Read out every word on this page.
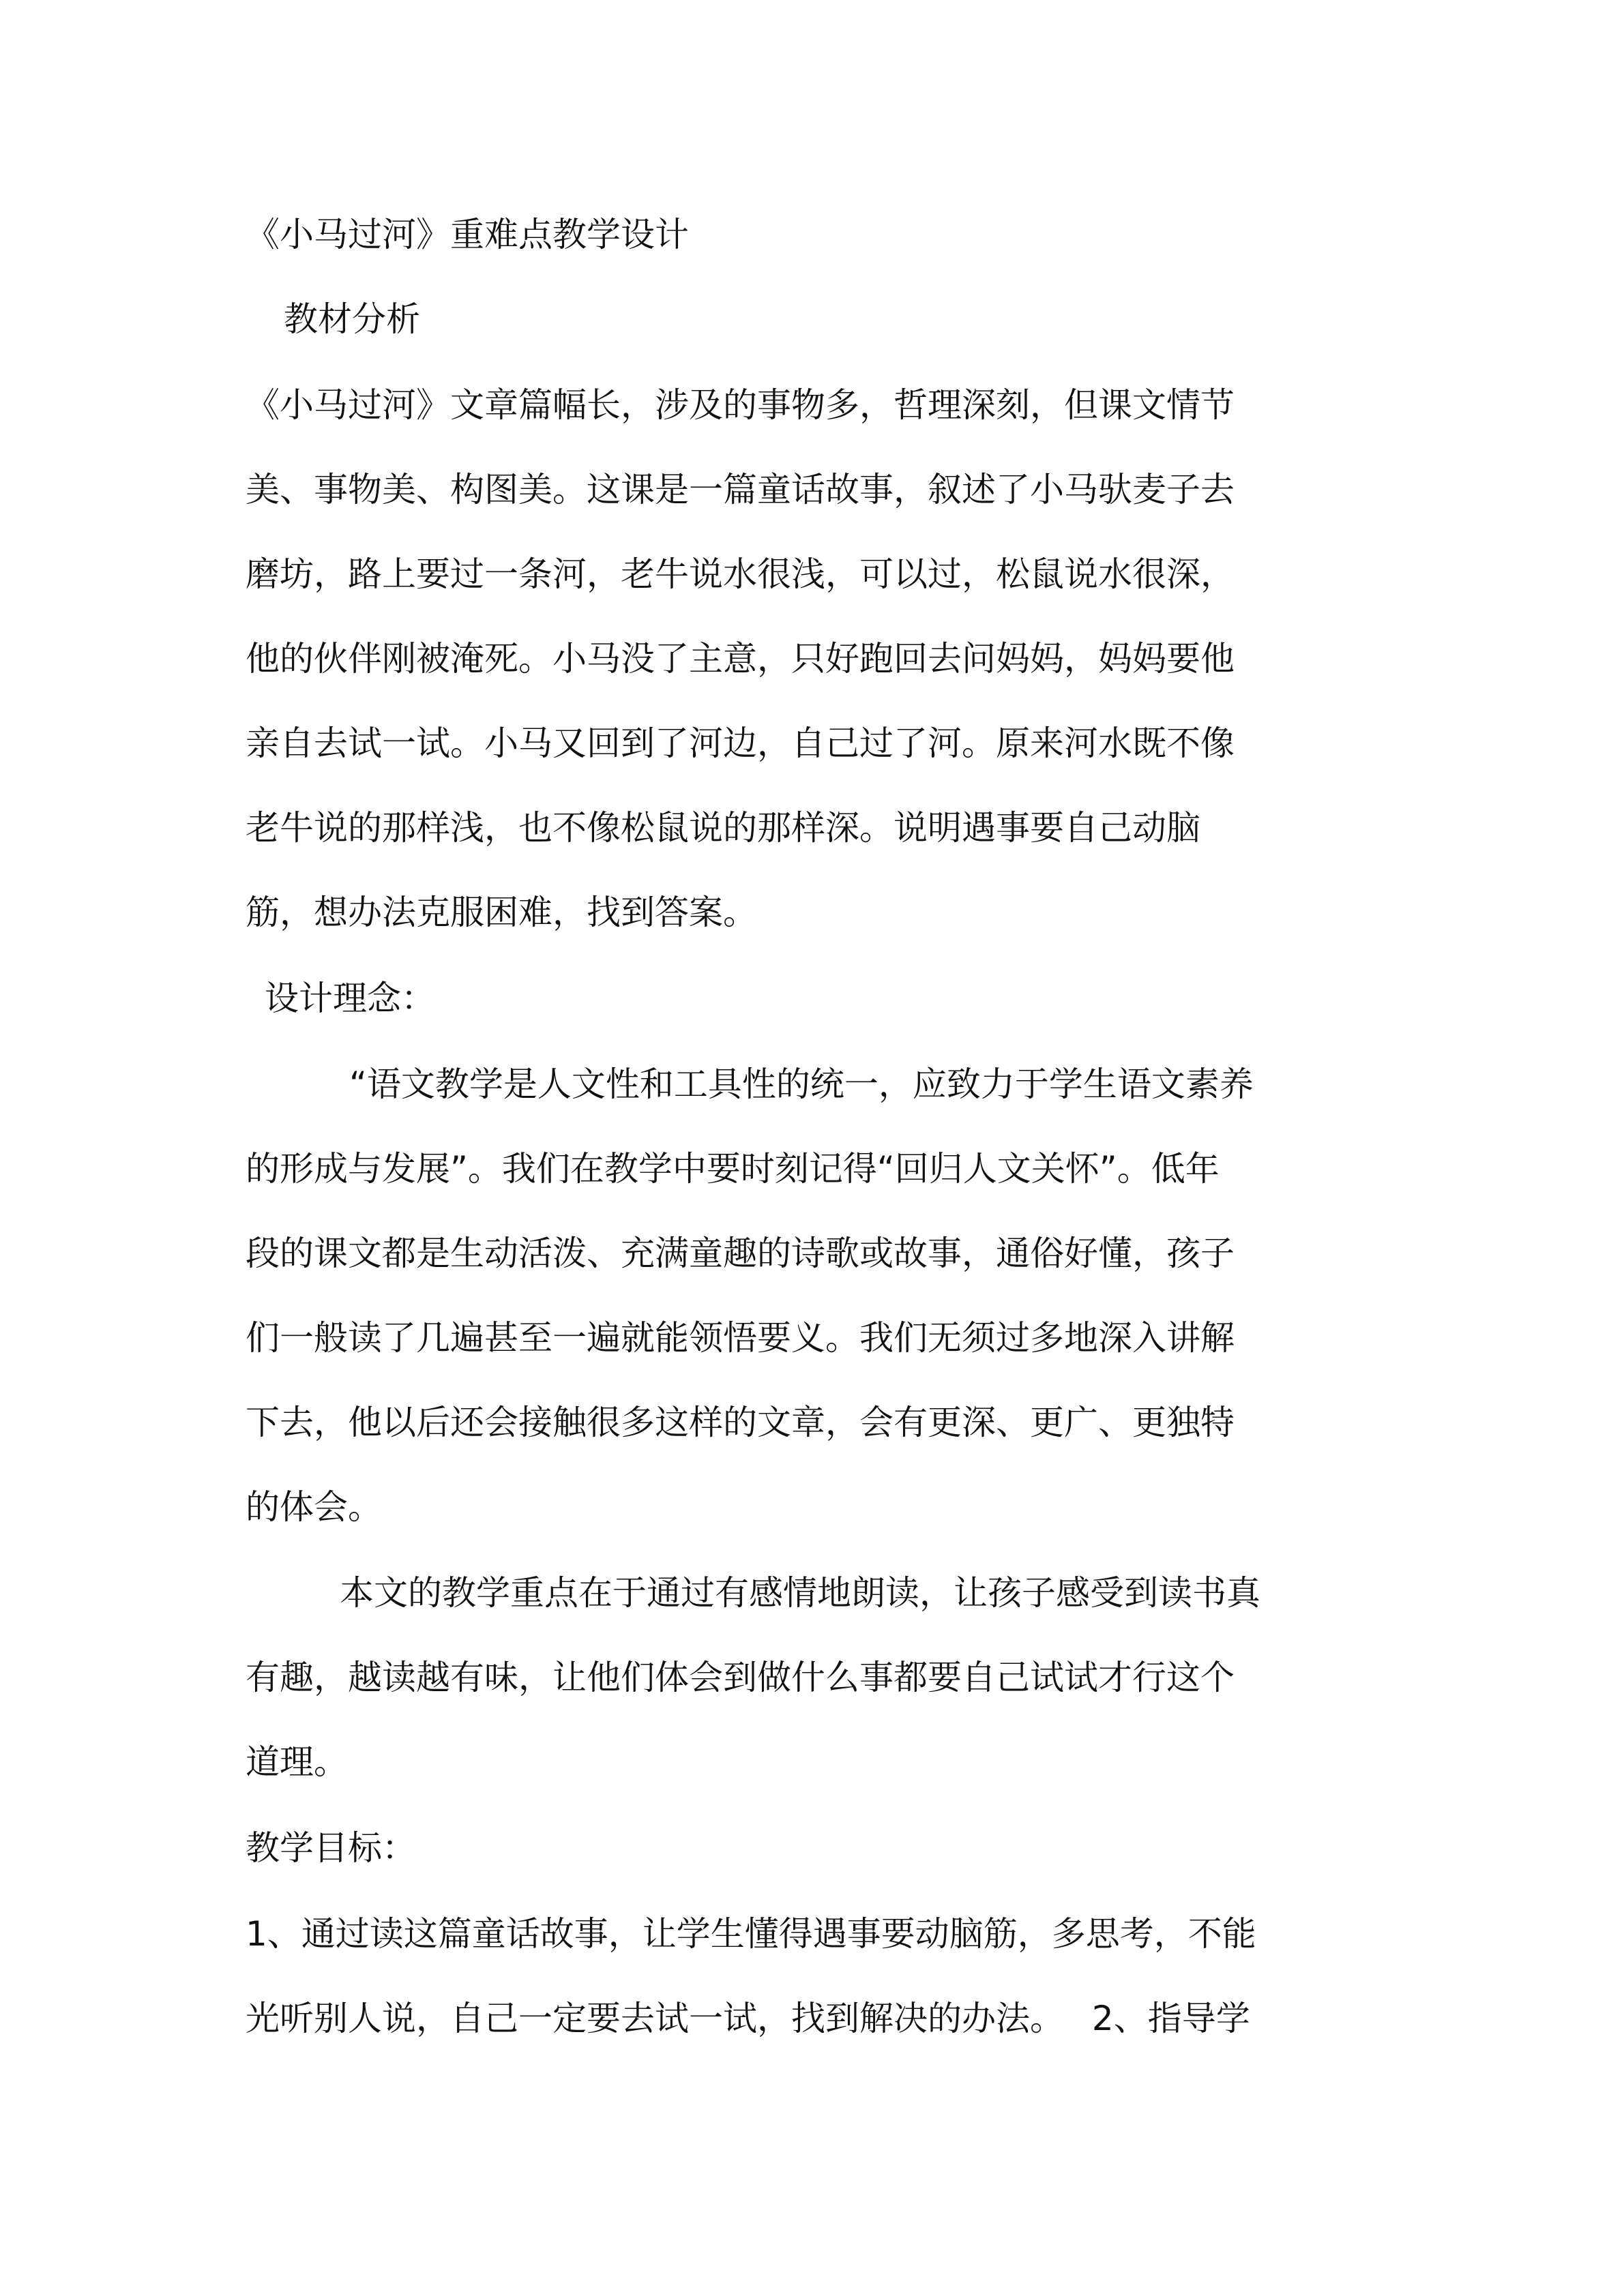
《小马过河》重难点教学设计
教材分析
《小马过河》文章篇幅长，涉及的事物多，哲理深刻，但课文情节
美、事物美、构图美。这课是一篇童话故事，叙述了小马驮麦子去
磨坊，路上要过一条河，老牛说水很浅，可以过，松鼠说水很深，
他的伙伴刚被淹死。小马没了主意，只好跑回去问妈妈，妈妈要他
亲自去试一试。小马又回到了河边，自己过了河。原来河水既不像
老牛说的那样浅，也不像松鼠说的那样深。说明遇事要自己动脑
筋，想办法克服困难，找到答案。
设计理念：
“语文教学是人文性和工具性的统一，应致力于学生语文素养
的形成与发展”。我们在教学中要时刻记得“回归人文关怀”。低年
段的课文都是生动活泼、充满童趣的诗歌或故事，通俗好懂，孩子
们一般读了几遍甚至一遍就能领悟要义。我们无须过多地深入讲解
下去，他以后还会接触很多这样的文章，会有更深、更广、更独特
的体会。
本文的教学重点在于通过有感情地朗读，让孩子感受到读书真
有趣，越读越有味，让他们体会到做什么事都要自己试试才行这个
道理。
教学目标：
1、通过读这篇童话故事，让学生懂得遇事要动脑筋，多思考，不能
光听别人说，自己一定要去试一试，找到解决的办法。　 2、指导学
